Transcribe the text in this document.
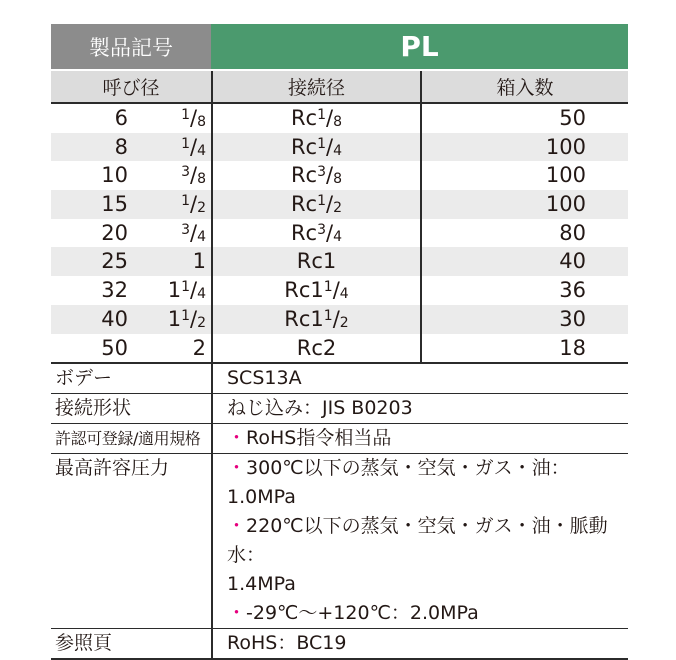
製品記号	PL
呼び径	接続径	箱入数
6	$^1/_8$	$Rc^1/_8$	50
8	$^1/_4$	$Rc^1/_4$	100
10	$^3/_8$	$Rc^3/_8$	100
15	$^1/_2$	$Rc^1/_2$	100
20	$^3/_4$	$Rc^3/_4$	80
25	1	Rc1	40
32 $1^1/_4$	$Rc1^1/_4$	36
40 $1^1/_2$	$Rc1^1/_2$	30
50	2	Rc2	18
ボデー	SCS13A
接続形状	ねじ込み：JIS B0203
許認可登録/適用規格	・RoHS指令相当品
最高許容圧力	・300℃以下の蒸気・空気・ガス・油：1.0MPa
・220℃以下の蒸気・空気・ガス・油・脈動水：
1.4MPa
・-29℃～+120℃：2.0MPa
参照頁	RoHS：BC19
